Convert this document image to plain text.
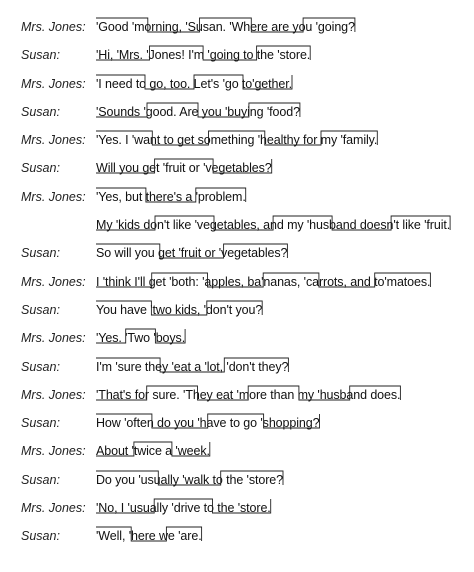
Mrs. Jones: 'Good 'morning, 'Susan. 'Where are you 'going?
Susan:	'Hi, 'Mrs. 'Jones! I'm 'going to the 'store.
Mrs. Jones: 'I need to go, too. Let's 'go to'gether.
Susan:	'Sounds 'good. Are you 'buying 'food?
Mrs. Jones: 'Yes. I 'want to get something 'healthy for my 'family.
Susan:	Will you get 'fruit or 'vegetables?
Mrs. Jones: 'Yes, but there's a 'problem.
My 'kids don't like 'vegetables, and my 'husband doesn't like 'fruit.
Susan:	So will you get 'fruit or 'vegetables?
Mrs. Jones: I 'think I'll get 'both: 'apples, ba'nanas, 'carrots, and to'matoes.
Susan:	You have 'two kids, 'don't you?
Mrs. Jones: 'Yes. 'Two 'boys.
Susan:	I'm 'sure they 'eat a 'lot, 'don't they?
Mrs. Jones: 'That's for sure. 'They eat 'more than my 'husband does.
Susan:	How 'often do you 'have to go 'shopping?
Mrs. Jones: About 'twice a 'week.
Susan:	Do you 'usually 'walk to the 'store?
Mrs. Jones: 'No, I 'usually 'drive to the 'store.
Susan:	'Well, 'here we 'are.
